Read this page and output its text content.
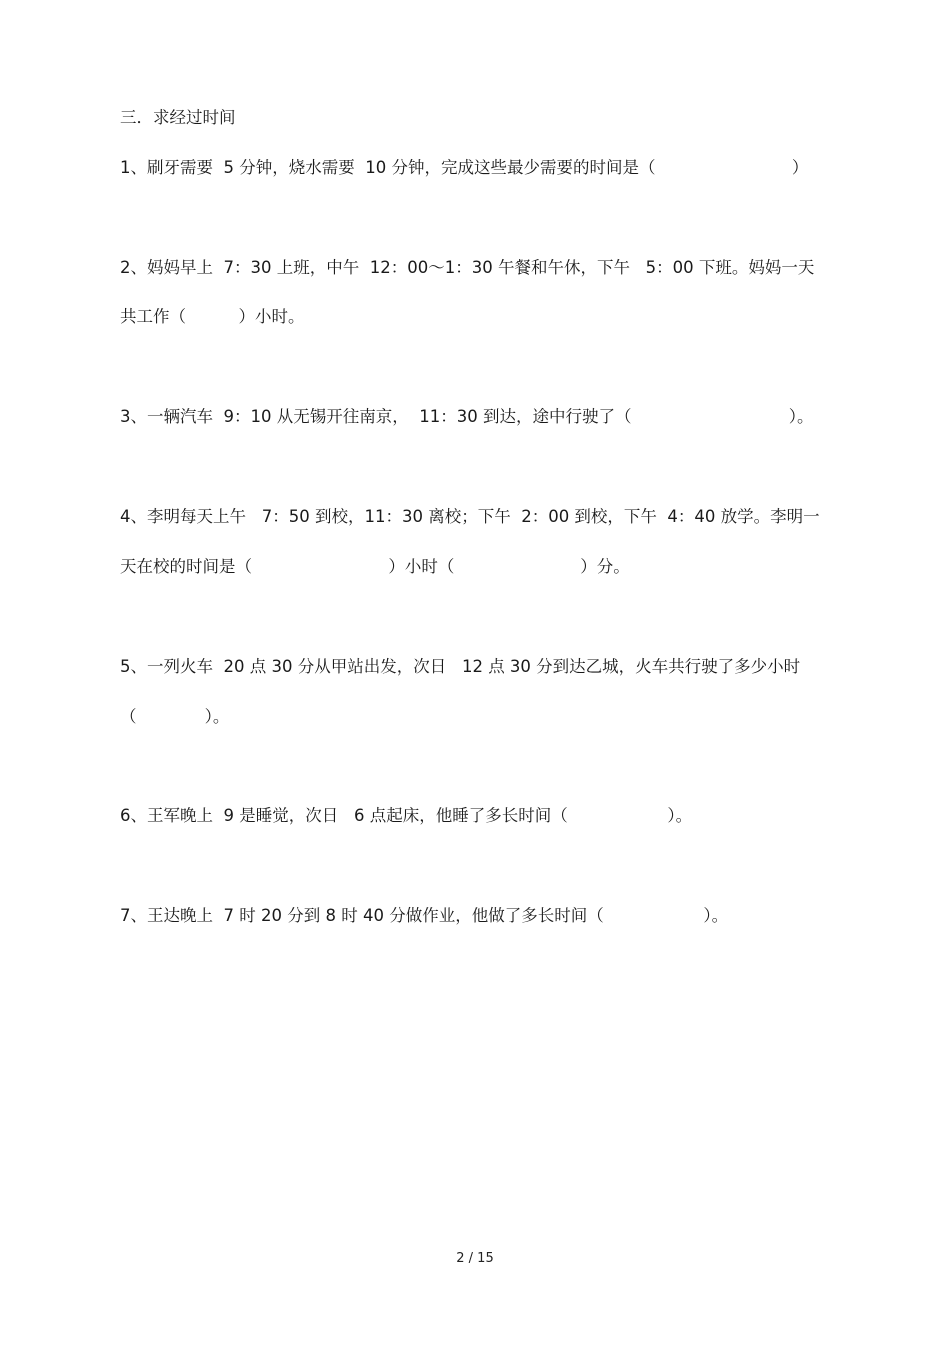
三．求经过时间
1、刷牙需要  5 分钟，烧水需要  10 分钟，完成这些最少需要的时间是（                          ）
2、妈妈早上  7：30 上班，中午  12：00～1：30 午餐和午休，下午   5：00 下班。妈妈一天
共工作（          ）小时。
3、一辆汽车  9：10 从无锡开往南京，  11：30 到达，途中行驶了（                              ）。
4、李明每天上午   7：50 到校，11：30 离校；下午  2：00 到校，下午  4：40 放学。李明一
天在校的时间是（                          ）小时（                        ）分。
5、一列火车  20 点 30 分从甲站出发，次日   12 点 30 分到达乙城，火车共行驶了多少小时
（             ）。
6、王军晚上  9 是睡觉，次日   6 点起床，他睡了多长时间（                   ）。
7、王达晚上  7 时 20 分到 8 时 40 分做作业，他做了多长时间（                   ）。
2 / 15
